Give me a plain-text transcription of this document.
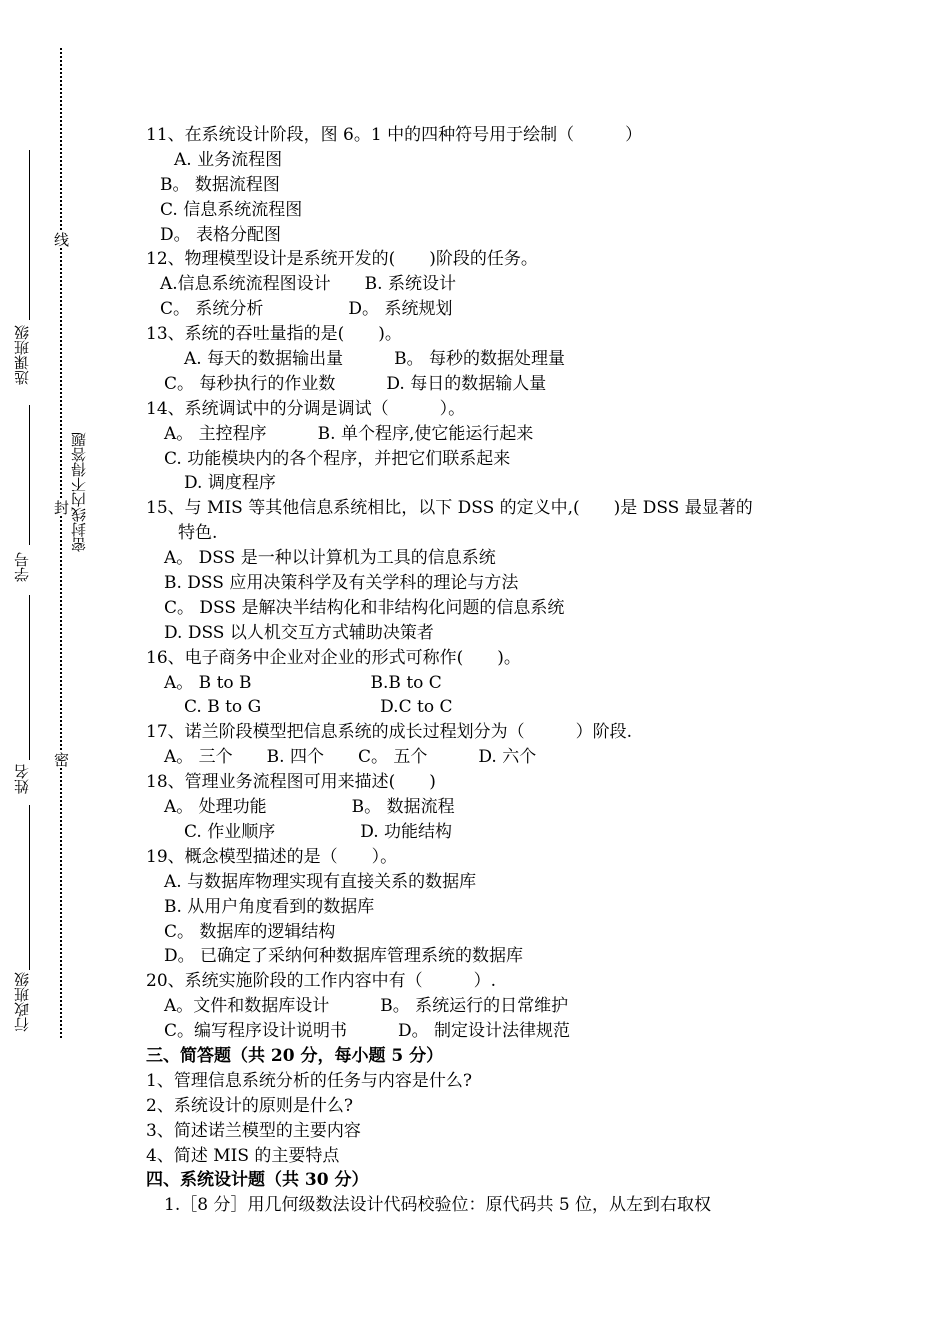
选课班级
学号
姓名
行政班级
线
封
密
密封线内不得答题
11、在系统设计阶段，图 6。1 中的四种符号用于绘制（　　　）
A. 业务流程图
B。 数据流程图
C. 信息系统流程图
D。 表格分配图
12、物理模型设计是系统开发的(　　)阶段的任务。
A.信息系统流程图设计　　B. 系统设计
C。 系统分析　　　　　D。 系统规划
13、系统的吞吐量指的是(　　)。
A. 每天的数据输出量　　　B。 每秒的数据处理量
C。 每秒执行的作业数　　　D. 每日的数据输人量
14、系统调试中的分调是调试（　　　）。
A。 主控程序　　　B. 单个程序,使它能运行起来
C. 功能模块内的各个程序，并把它们联系起来
D. 调度程序
15、与 MIS 等其他信息系统相比，以下 DSS 的定义中,(　　)是 DSS 最显著的
特色.
A。 DSS 是一种以计算机为工具的信息系统
B. DSS 应用决策科学及有关学科的理论与方法
C。 DSS 是解决半结构化和非结构化问题的信息系统
D. DSS 以人机交互方式辅助决策者
16、电子商务中企业对企业的形式可称作(　　)。
A。 B to B　　　　　　　B.B to C
C. B to G　　　　　　　D.C to C
17、诺兰阶段模型把信息系统的成长过程划分为（　　　）阶段.
A。 三个　　B. 四个　　C。 五个　　　D. 六个
18、管理业务流程图可用来描述(　　)
A。 处理功能　　　　　B。 数据流程
C. 作业顺序　　　　　D. 功能结构
19、概念模型描述的是（　　）。
A. 与数据库物理实现有直接关系的数据库
B. 从用户角度看到的数据库
C。 数据库的逻辑结构
D。 已确定了采纳何种数据库管理系统的数据库
20、系统实施阶段的工作内容中有（　　　）.
A。文件和数据库设计　　　B。 系统运行的日常维护
C。编写程序设计说明书　　　D。 制定设计法律规范
三、简答题（共 20 分，每小题 5 分）
1、管理信息系统分析的任务与内容是什么?
2、系统设计的原则是什么?
3、简述诺兰模型的主要内容
4、简述 MIS 的主要特点
四、系统设计题（共 30 分）
1.［8 分］用几何级数法设计代码校验位：原代码共 5 位，从左到右取权
